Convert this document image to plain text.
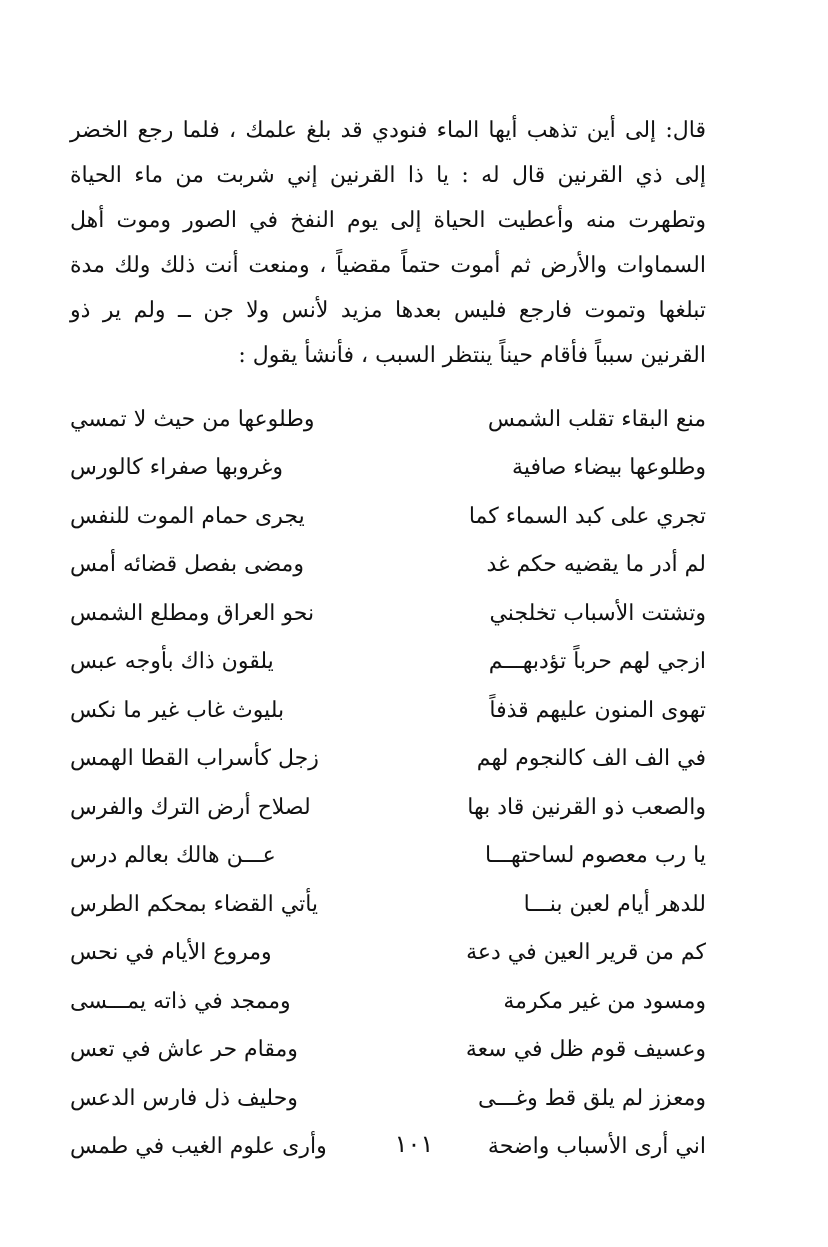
قال: إلى أين تذهب أيها الماء فنودي قد بلغ علمك ، فلما رجع الخضر إلى ذي القرنين قال له : يا ذا القرنين إني شربت من ماء الحياة وتطهرت منه وأعطيت الحياة إلى يوم النفخ في الصور وموت أهل السماوات والأرض ثم أموت حتماً مقضياً ، ومنعت أنت ذلك ولك مدة تبلغها وتموت فارجع فليس بعدها مزيد لأنس ولا جن ــ ولم ير ذو القرنين سبباً فأقام حيناً ينتظر السبب ، فأنشأ يقول :

منع البقاء تقلب الشمس
وطلوعها من حيث لا تمسي
وطلوعها بيضاء صافية
وغروبها صفراء كالورس
تجري على كبد السماء كما
يجرى حمام الموت للنفس
لم أدر ما يقضيه حكم غد
ومضى بفصل قضائه أمس
وتشتت الأسباب تخلجني
نحو العراق ومطلع الشمس
ازجي لهم حرباً تؤدبهـــم
يلقون ذاك بأوجه عبس
تهوى المنون عليهم قذفاً
بليوث غاب غير ما نكس
في الف الف كالنجوم لهم
زجل كأسراب القطا الهمس
والصعب ذو القرنين قاد بها
لصلاح أرض الترك والفرس
يا رب معصوم لساحتهـــا
عـــن هالك بعالم درس
للدهر أيام لعبن بنـــا
يأتي القضاء بمحكم الطرس
كم من قرير العين في دعة
ومروع الأيام في نحس
ومسود من غير مكرمة
وممجد في ذاته يمـــسى
وعسيف قوم ظل في سعة
ومقام حر عاش في تعس
ومعزز لم يلق قط وغـــى
وحليف ذل فارس الدعس
اني أرى الأسباب واضحة
وأرى علوم الغيب في طمس	١٠١
